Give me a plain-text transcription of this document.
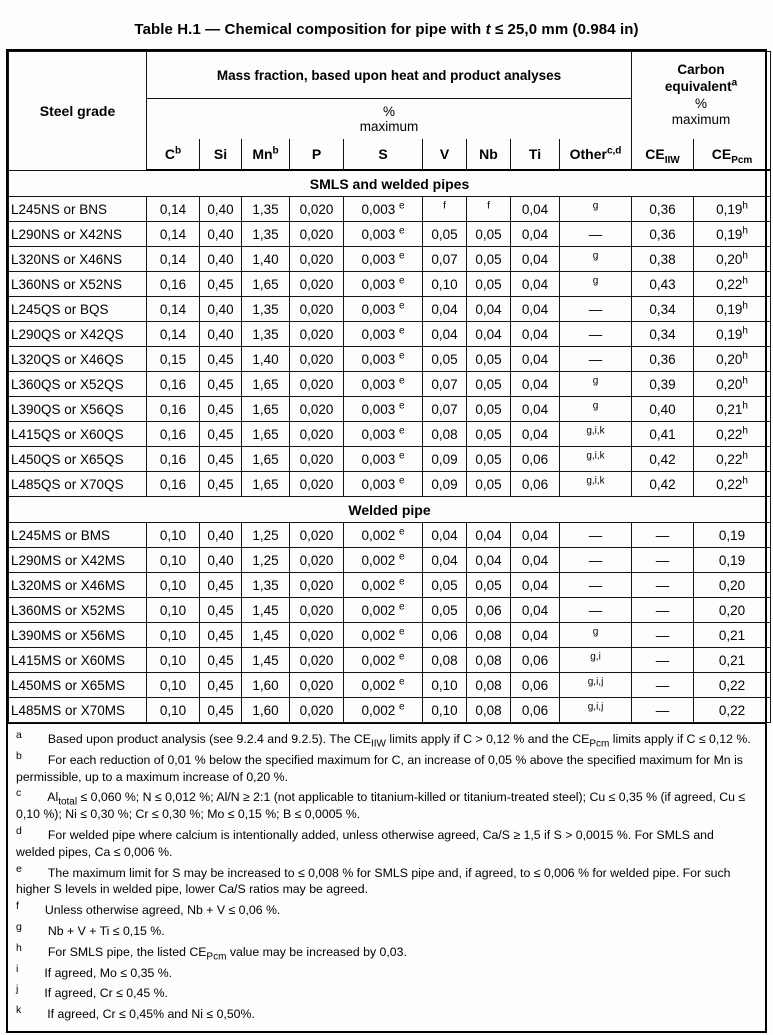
Table H.1 — Chemical composition for pipe with t ≤ 25,0 mm (0.984 in)
Steel grade	Mass fraction, based upon heat and product analyses									Carbon
equivalent$^a$
%
maximum	

	%
maximum										
	$C^b$	Si	Mn$^b$	P	S	V	Nb	Ti	Other$^{c,d}$	$CE_{IIW}$	$CE_{Pcm}$
SMLS and welded pipes											
L245NS or BNS	0,14	0,40	1,35	0,020	0,003 $^e$	$^f$	$^f$	0,04	$^g$	0,36	0,19$^h$
L290NS or X42NS	0,14	0,40	1,35	0,020	0,003 $^e$	0,05	0,05	0,04	—	0,36	0,19$^h$
L320NS or X46NS	0,14	0,40	1,40	0,020	0,003 $^e$	0,07	0,05	0,04	$^g$	0,38	0,20$^h$
L360NS or X52NS	0,16	0,45	1,65	0,020	0,003 $^e$	0,10	0,05	0,04	$^g$	0,43	0,22$^h$
L245QS or BQS	0,14	0,40	1,35	0,020	0,003 $^e$	0,04	0,04	0,04	—	0,34	0,19$^h$
L290QS or X42QS	0,14	0,40	1,35	0,020	0,003 $^e$	0,04	0,04	0,04	—	0,34	0,19$^h$
L320QS or X46QS	0,15	0,45	1,40	0,020	0,003 $^e$	0,05	0,05	0,04	—	0,36	0,20$^h$
L360QS or X52QS	0,16	0,45	1,65	0,020	0,003 $^e$	0,07	0,05	0,04	$^g$	0,39	0,20$^h$
L390QS or X56QS	0,16	0,45	1,65	0,020	0,003 $^e$	0,07	0,05	0,04	$^g$	0,40	0,21$^h$
L415QS or X60QS	0,16	0,45	1,65	0,020	0,003 $^e$	0,08	0,05	0,04	$^{g,i,k}$	0,41	0,22$^h$
L450QS or X65QS	0,16	0,45	1,65	0,020	0,003 $^e$	0,09	0,05	0,06	$^{g,i,k}$	0,42	0,22$^h$
L485QS or X70QS	0,16	0,45	1,65	0,020	0,003 $^e$	0,09	0,05	0,06	$^{g,i,k}$	0,42	0,22$^h$
Welded pipe											
L245MS or BMS	0,10	0,40	1,25	0,020	0,002 $^e$	0,04	0,04	0,04	—	—	0,19
L290MS or X42MS	0,10	0,40	1,25	0,020	0,002 $^e$	0,04	0,04	0,04	—	—	0,19
L320MS or X46MS	0,10	0,45	1,35	0,020	0,002 $^e$	0,05	0,05	0,04	—	—	0,20
L360MS or X52MS	0,10	0,45	1,45	0,020	0,002 $^e$	0,05	0,06	0,04	—	—	0,20
L390MS or X56MS	0,10	0,45	1,45	0,020	0,002 $^e$	0,06	0,08	0,04	$^g$	—	0,21
L415MS or X60MS	0,10	0,45	1,45	0,020	0,002 $^e$	0,08	0,08	0,06	$^{g,i}$	—	0,21
L450MS or X65MS	0,10	0,45	1,60	0,020	0,002 $^e$	0,10	0,08	0,06	$^{g,i,j}$	—	0,22
L485MS or X70MS	0,10	0,45	1,60	0,020	0,002 $^e$	0,10	0,08	0,06	$^{g,i,j}$	—	0,22
a Based upon product analysis (see 9.2.4 and 9.2.5). The $CE_{IIW}$ limits apply if C > 0,12 % and the $CE_{Pcm}$ limits apply if C ≤ 0,12 %.
b For each reduction of 0,01 % below the specified maximum for C, an increase of 0,05 % above the specified maximum for Mn is permissible, up to a maximum increase of 0,20 %.
c $Al_{total} \le 0,060$ %; N ≤ 0,012 %; Al/N ≥ 2:1 (not applicable to titanium-killed or titanium-treated steel); Cu ≤ 0,35 % (if agreed, Cu ≤ 0,10 %); Ni ≤ 0,30 %; Cr ≤ 0,30 %; Mo ≤ 0,15 %; B ≤ 0,0005 %.
d For welded pipe where calcium is intentionally added, unless otherwise agreed, Ca/S ≥ 1,5 if S > 0,0015 %. For SMLS and welded pipes, Ca ≤ 0,006 %.
e The maximum limit for S may be increased to ≤ 0,008 % for SMLS pipe and, if agreed, to ≤ 0,006 % for welded pipe. For such higher S levels in welded pipe, lower Ca/S ratios may be agreed.
f Unless otherwise agreed, Nb + V ≤ 0,06 %.
g Nb + V + Ti ≤ 0,15 %.
h For SMLS pipe, the listed $CE_{Pcm}$ value may be increased by 0,03.
i If agreed, Mo ≤ 0,35 %.
j If agreed, Cr ≤ 0,45 %.
k If agreed, Cr ≤ 0,45% and Ni ≤ 0,50%.
